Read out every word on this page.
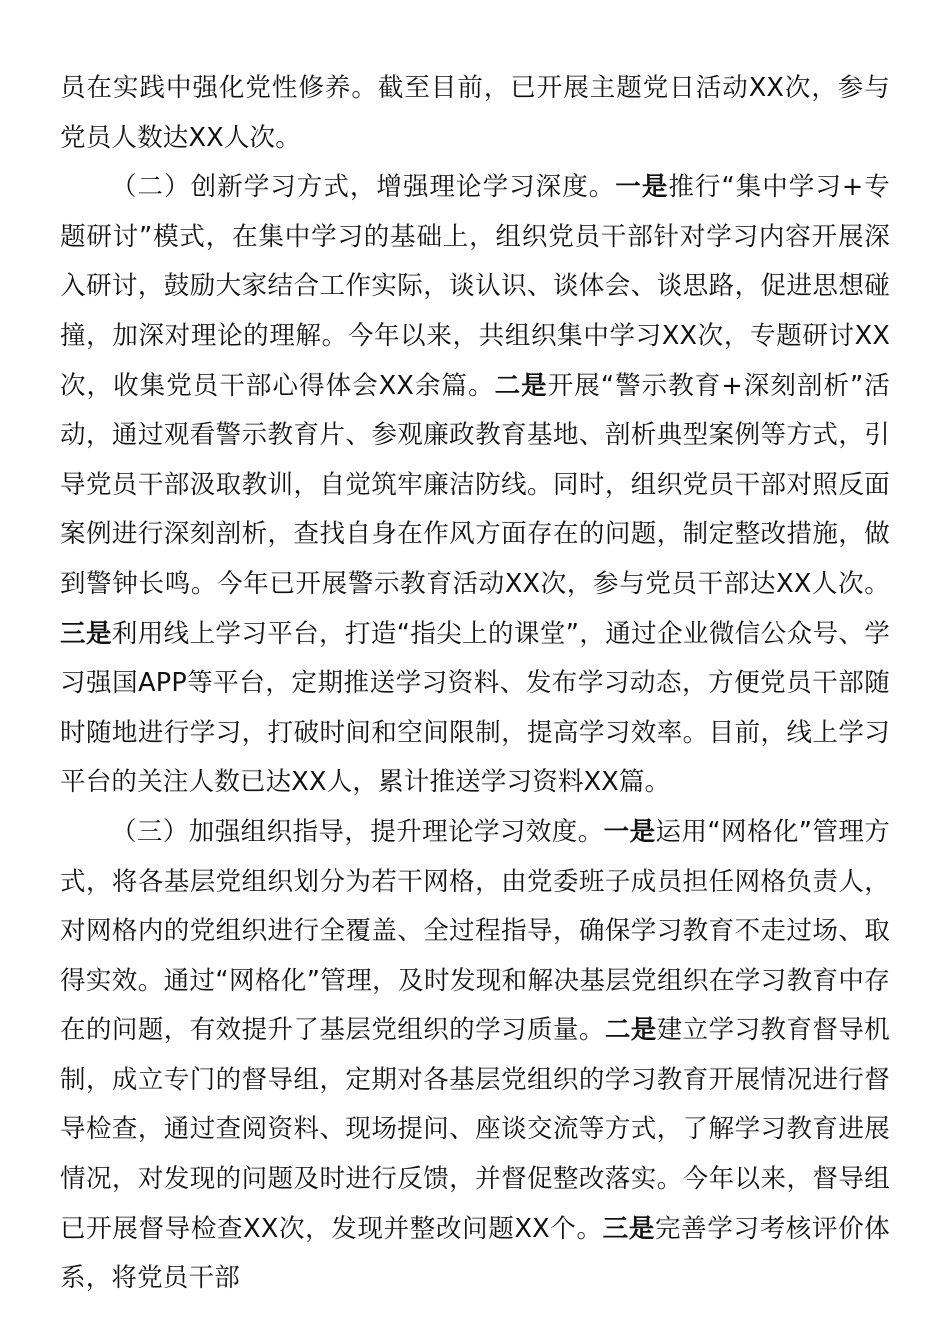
员在实践中强化党性修养。截至目前，已开展主题党日活动XX次，参与党员人数达XX人次。

（二）创新学习方式，增强理论学习深度。一是推行“集中学习+专题研讨”模式，在集中学习的基础上，组织党员干部针对学习内容开展深入研讨，鼓励大家结合工作实际，谈认识、谈体会、谈思路，促进思想碰撞，加深对理论的理解。今年以来，共组织集中学习XX次，专题研讨XX次，收集党员干部心得体会XX余篇。二是开展“警示教育+深刻剖析”活动，通过观看警示教育片、参观廉政教育基地、剖析典型案例等方式，引导党员干部汲取教训，自觉筑牢廉洁防线。同时，组织党员干部对照反面案例进行深刻剖析，查找自身在作风方面存在的问题，制定整改措施，做到警钟长鸣。今年已开展警示教育活动XX次，参与党员干部达XX人次。三是利用线上学习平台，打造“指尖上的课堂”，通过企业微信公众号、学习强国APP等平台，定期推送学习资料、发布学习动态，方便党员干部随时随地进行学习，打破时间和空间限制，提高学习效率。目前，线上学习平台的关注人数已达XX人，累计推送学习资料XX篇。

（三）加强组织指导，提升理论学习效度。一是运用“网格化”管理方式，将各基层党组织划分为若干网格，由党委班子成员担任网格负责人，对网格内的党组织进行全覆盖、全过程指导，确保学习教育不走过场、取得实效。通过“网格化”管理，及时发现和解决基层党组织在学习教育中存在的问题，有效提升了基层党组织的学习质量。二是建立学习教育督导机制，成立专门的督导组，定期对各基层党组织的学习教育开展情况进行督导检查，通过查阅资料、现场提问、座谈交流等方式，了解学习教育进展情况，对发现的问题及时进行反馈，并督促整改落实。今年以来，督导组已开展督导检查XX次，发现并整改问题XX个。三是完善学习考核评价体系，将党员干部
